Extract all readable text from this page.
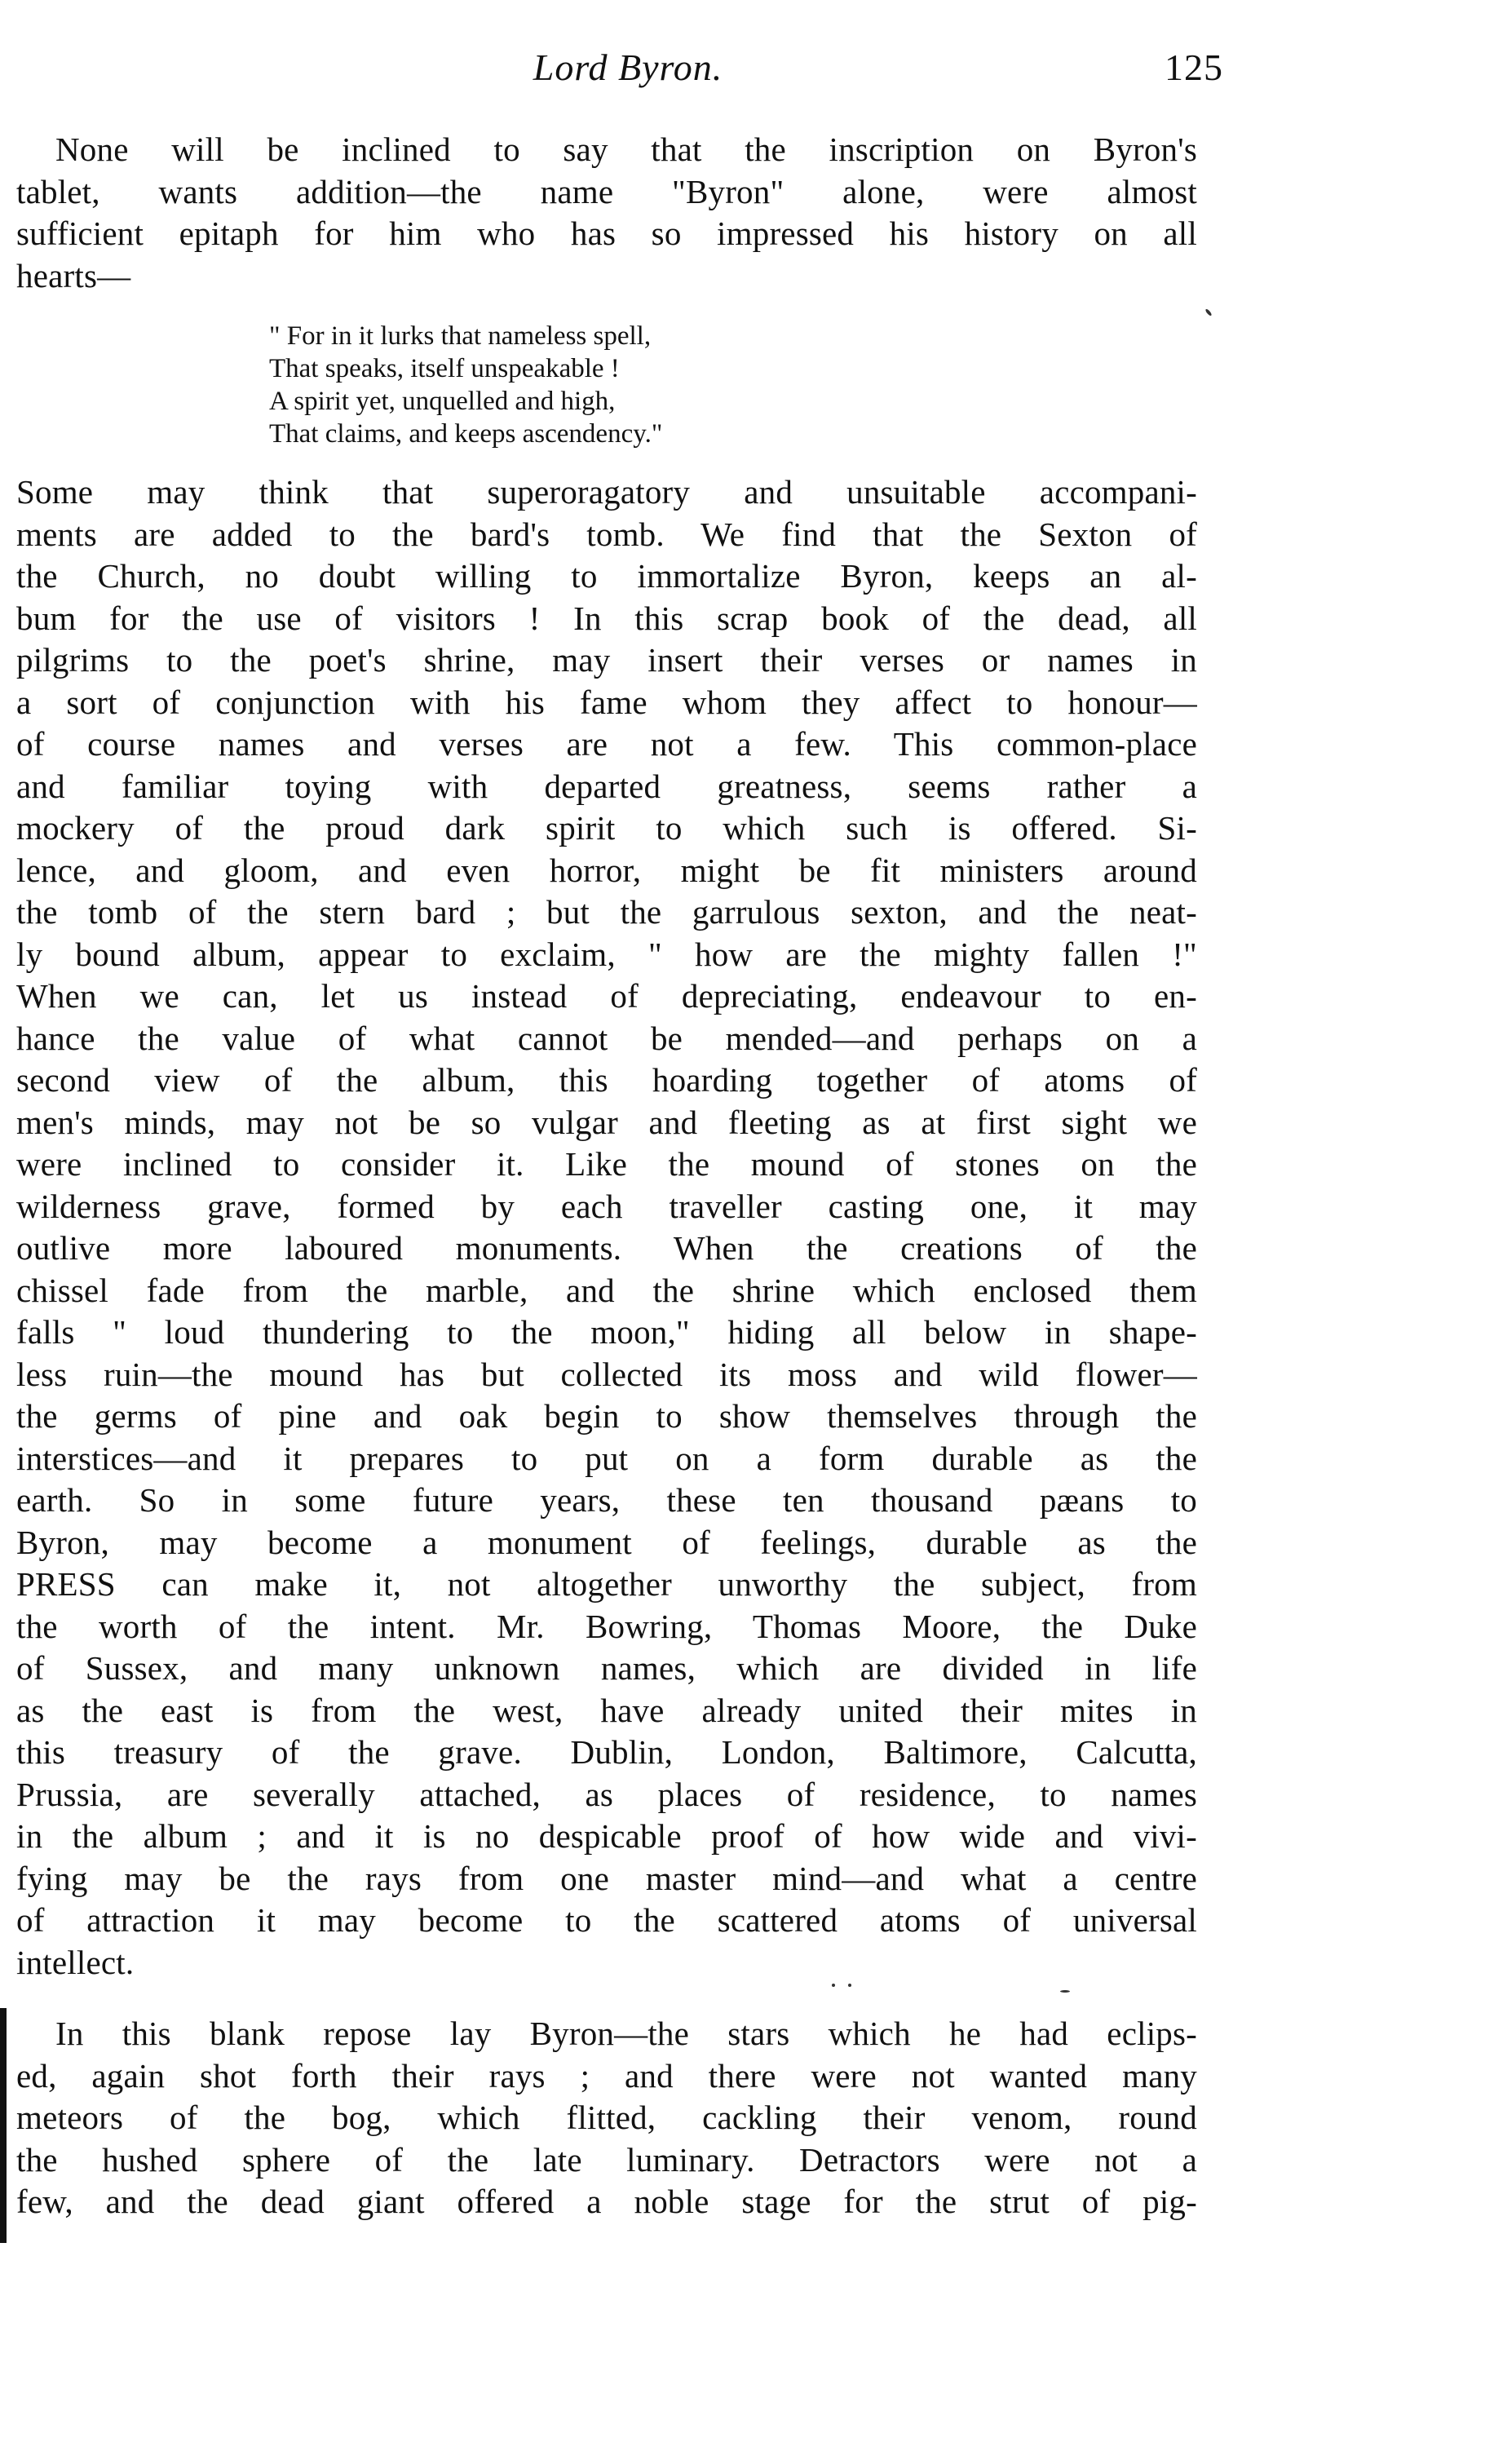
Lord Byron.	125
None will be inclined to say that the inscription on Byron's
tablet, wants addition—the name "Byron" alone, were almost
sufficient epitaph for him who has so impressed his history on all
hearts—
" For in it lurks that nameless spell,
That speaks, itself unspeakable !
A spirit yet, unquelled and high,
That claims, and keeps ascendency."
Some may think that superoragatory and unsuitable accompani-
ments are added to the bard's tomb. We find that the Sexton of
the Church, no doubt willing to immortalize Byron, keeps an al-
bum for the use of visitors ! In this scrap book of the dead, all
pilgrims to the poet's shrine, may insert their verses or names in
a sort of conjunction with his fame whom they affect to honour—
of course names and verses are not a few. This common-place
and familiar toying with departed greatness, seems rather a
mockery of the proud dark spirit to which such is offered. Si-
lence, and gloom, and even horror, might be fit ministers around
the tomb of the stern bard ; but the garrulous sexton, and the neat-
ly bound album, appear to exclaim, " how are the mighty fallen !"
When we can, let us instead of depreciating, endeavour to en-
hance the value of what cannot be mended—and perhaps on a
second view of the album, this hoarding together of atoms of
men's minds, may not be so vulgar and fleeting as at first sight we
were inclined to consider it. Like the mound of stones on the
wilderness grave, formed by each traveller casting one, it may
outlive more laboured monuments. When the creations of the
chissel fade from the marble, and the shrine which enclosed them
falls " loud thundering to the moon," hiding all below in shape-
less ruin—the mound has but collected its moss and wild flower—
the germs of pine and oak begin to show themselves through the
interstices—and it prepares to put on a form durable as the
earth. So in some future years, these ten thousand pæans to
Byron, may become a monument of feelings, durable as the
PRESS can make it, not altogether unworthy the subject, from
the worth of the intent. Mr. Bowring, Thomas Moore, the Duke
of Sussex, and many unknown names, which are divided in life
as the east is from the west, have already united their mites in
this treasury of the grave. Dublin, London, Baltimore, Calcutta,
Prussia, are severally attached, as places of residence, to names
in the album ; and it is no despicable proof of how wide and vivi-
fying may be the rays from one master mind—and what a centre
of attraction it may become to the scattered atoms of universal
intellect.
In this blank repose lay Byron—the stars which he had eclips-
ed, again shot forth their rays ; and there were not wanted many
meteors of the bog, which flitted, cackling their venom, round
the hushed sphere of the late luminary. Detractors were not a
few, and the dead giant offered a noble stage for the strut of pig-
